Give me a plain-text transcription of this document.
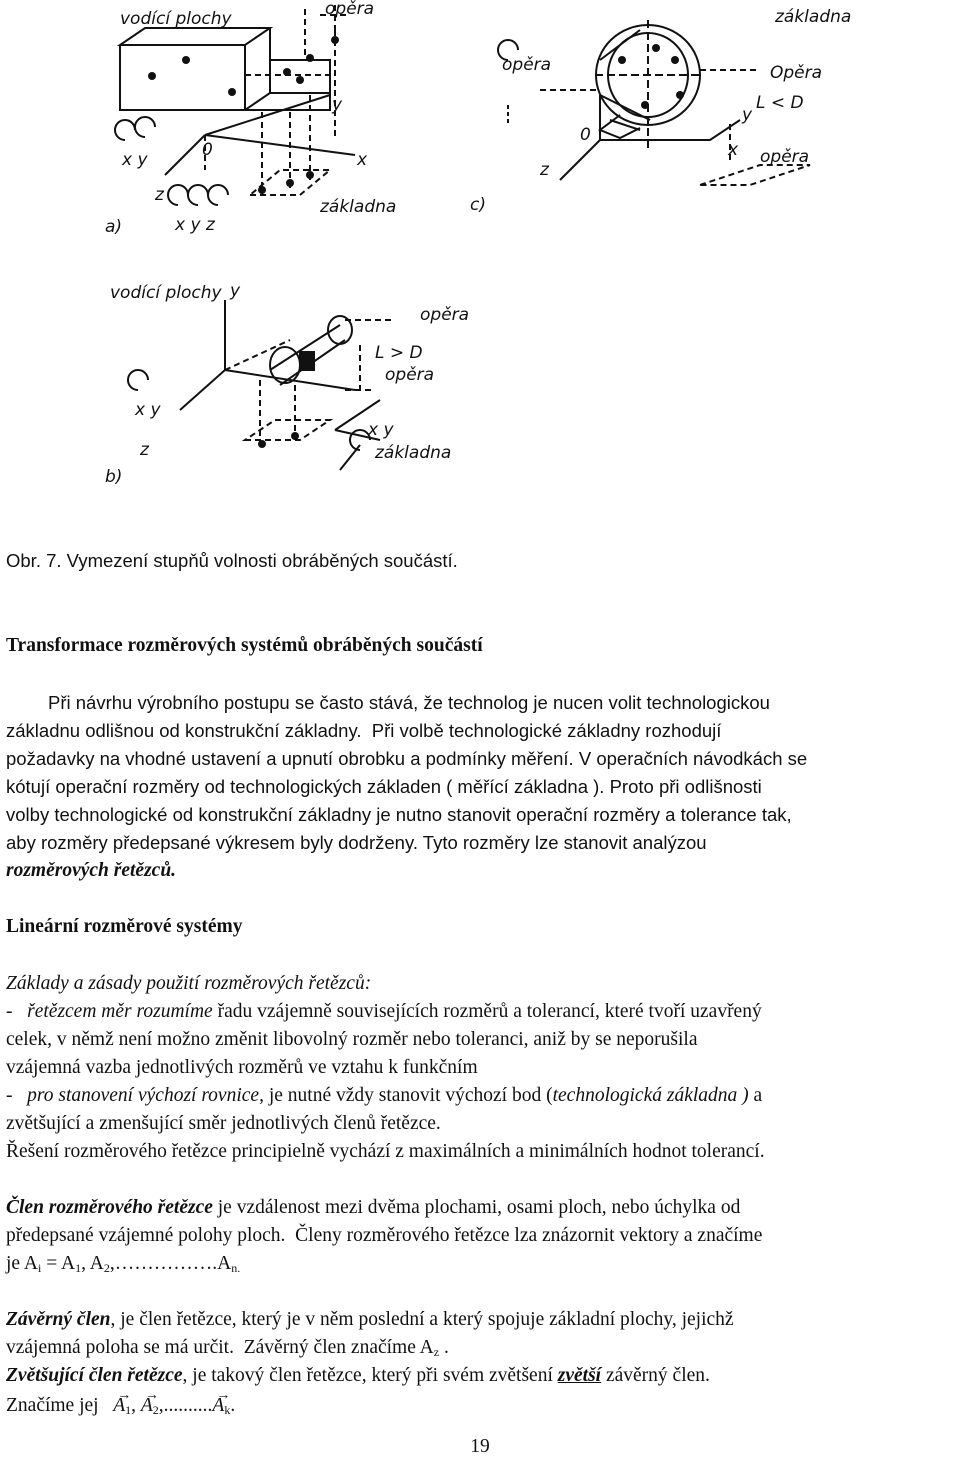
vodící plochy	opěra
základna
x y	0
y
x
z
x y z
a)
základna
opěra	Opěra
L < D
opěra
0
y
x
z
c)
vodící plochy y
opěra
L > D
opěra
x y
z
x y
základna
b)
Obr. 7. Vymezení stupňů volnosti obráběných součástí.
Transformace rozměrových systémů obráběných součástí
Při návrhu výrobního postupu se často stává, že technolog je nucen volit technologickou
základnu odlišnou od konstrukční základny. Při volbě technologické základny rozhodují
požadavky na vhodné ustavení a upnutí obrobku a podmínky měření. V operačních návodkách se
kótují operační rozměry od technologických základen ( měřící základna ). Proto při odlišnosti
volby technologické od konstrukční základny je nutno stanovit operační rozměry a tolerance tak,
aby rozměry předepsané výkresem byly dodrženy. Tyto rozměry lze stanovit analýzou
rozměrových řetězců.
Lineární rozměrové systémy
Základy a zásady použití rozměrových řetězců:
- řetězcem měr rozumíme řadu vzájemně souvisejících rozměrů a tolerancí, které tvoří uzavřený
celek, v němž není možno změnit libovolný rozměr nebo toleranci, aniž by se neporušila
vzájemná vazba jednotlivých rozměrů ve vztahu k funkčním
- pro stanovení výchozí rovnice, je nutné vždy stanovit výchozí bod (technologická základna ) a
zvětšující a zmenšující směr jednotlivých členů řetězce.
Řešení rozměrového řetězce principielně vychází z maximálních a minimálních hodnot tolerancí.
Člen rozměrového řetězce je vzdálenost mezi dvěma plochami, osami ploch, nebo úchylka od
předepsané vzájemné polohy ploch. Členy rozměrového řetězce lza znázornit vektory a značíme
je $A_i = A_1$, $A_2,\dots\dots\dots\dots\dots.A_{n.}$
Závěrný člen, je člen řetězce, který je v něm poslední a který spojuje základní plochy, jejichž
vzájemná poloha se má určit. Závěrný člen značíme $A_z$ .
Zvětšující člen řetězce, je takový člen řetězce, který při svém zvětšení zvětší závěrný člen.
Značíme jej $A \to_1$, $A \to_2,..........A \to_k$.
19
